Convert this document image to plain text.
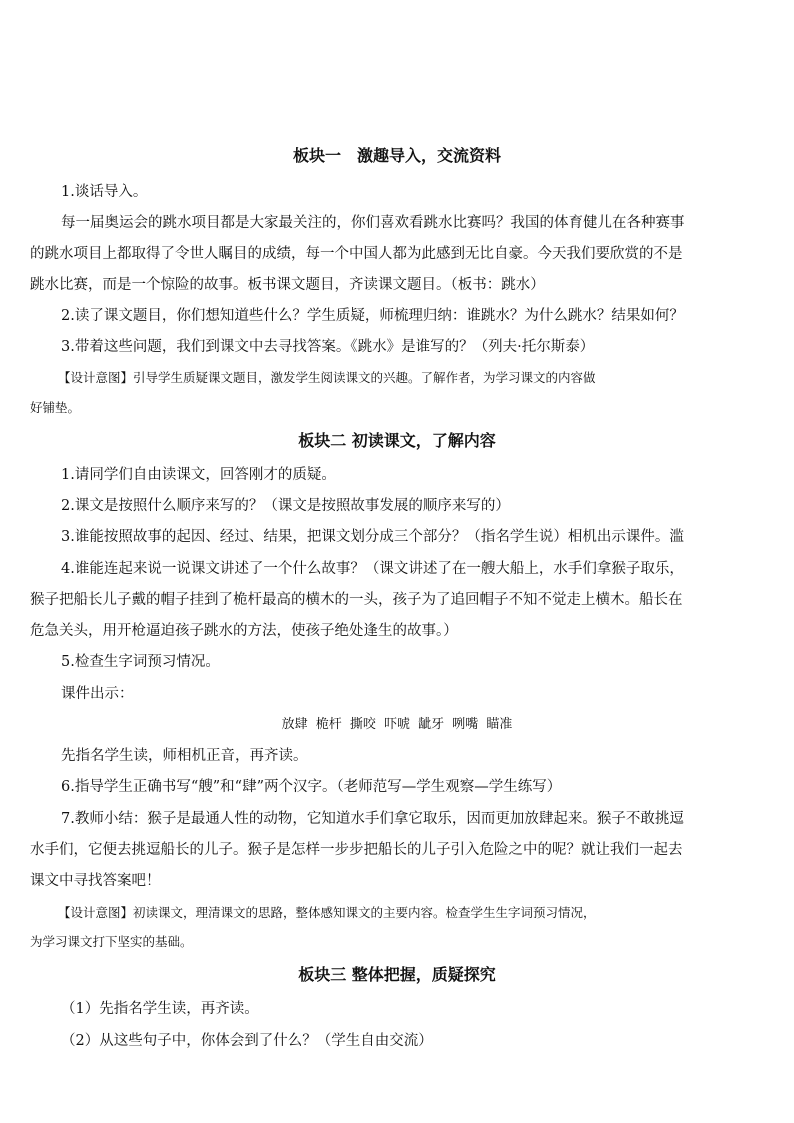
板块一　激趣导入，交流资料
1.谈话导入。
每一届奥运会的跳水项目都是大家最关注的，你们喜欢看跳水比赛吗？我国的体育健儿在各种赛事
的跳水项目上都取得了令世人瞩目的成绩，每一个中国人都为此感到无比自豪。今天我们要欣赏的不是
跳水比赛，而是一个惊险的故事。板书课文题目，齐读课文题目。（板书：跳水）
2.读了课文题目，你们想知道些什么？学生质疑，师梳理归纳：谁跳水？为什么跳水？结果如何？
3.带着这些问题，我们到课文中去寻找答案。《跳水》是谁写的？（列夫·托尔斯泰）
【设计意图】引导学生质疑课文题目，激发学生阅读课文的兴趣。了解作者，为学习课文的内容做
好铺垫。
板块二 初读课文，了解内容
1.请同学们自由读课文，回答刚才的质疑。
2.课文是按照什么顺序来写的？（课文是按照故事发展的顺序来写的）
3.谁能按照故事的起因、经过、结果，把课文划分成三个部分？（指名学生说）相机出示课件。滥
4.谁能连起来说一说课文讲述了一个什么故事？（课文讲述了在一艘大船上，水手们拿猴子取乐，
猴子把船长儿子戴的帽子挂到了桅杆最高的横木的一头，孩子为了追回帽子不知不觉走上横木。船长在
危急关头，用开枪逼迫孩子跳水的方法，使孩子绝处逢生的故事。）
5.检查生字词预习情况。
课件出示：
放肆 桅杆 撕咬 吓唬 龇牙 咧嘴 瞄准
先指名学生读，师相机正音，再齐读。
6.指导学生正确书写“艘”和“肆”两个汉字。（老师范写—学生观察—学生练写）
7.教师小结：猴子是最通人性的动物，它知道水手们拿它取乐，因而更加放肆起来。猴子不敢挑逗
水手们，它便去挑逗船长的儿子。猴子是怎样一步步把船长的儿子引入危险之中的呢？就让我们一起去
课文中寻找答案吧！
【设计意图】初读课文，理清课文的思路，整体感知课文的主要内容。检查学生生字词预习情况，
为学习课文打下坚实的基础。
板块三 整体把握，质疑探究
（1）先指名学生读，再齐读。
（2）从这些句子中，你体会到了什么？（学生自由交流）
